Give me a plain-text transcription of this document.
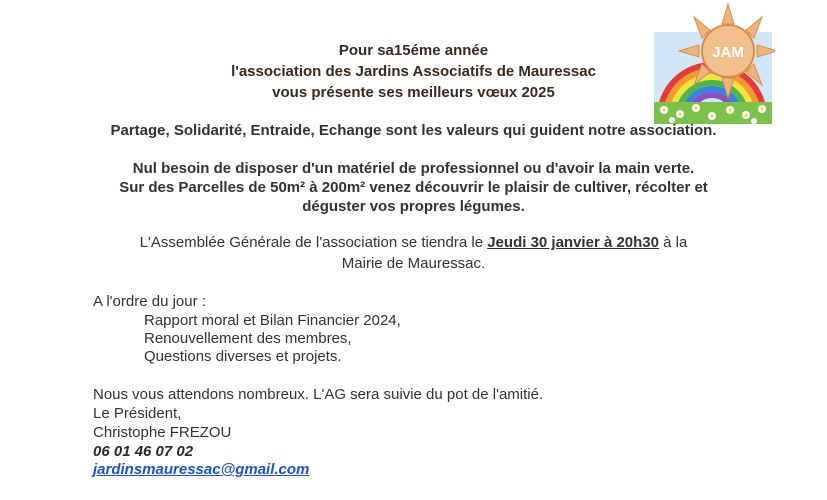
JAM
Pour sa15éme année
l'association des Jardins Associatifs de Mauressac
vous présente ses meilleurs vœux 2025
Partage, Solidarité, Entraide, Echange sont les valeurs qui guident notre association.
Nul besoin de disposer d'un matériel de professionnel ou d'avoir la main verte.
Sur des Parcelles de 50m² à 200m² venez découvrir le plaisir de cultiver, récolter et
déguster vos propres légumes.
L'Assemblée Générale de l'association se tiendra le Jeudi 30 janvier à 20h30 à la
Mairie de Mauressac.
A l'ordre du jour :
Rapport moral et Bilan Financier 2024,
Renouvellement des membres,
Questions diverses et projets.
Nous vous attendons nombreux. L'AG sera suivie du pot de l'amitié.
Le Président,
Christophe FREZOU
06 01 46 07 02
jardinsmauressac@gmail.com
